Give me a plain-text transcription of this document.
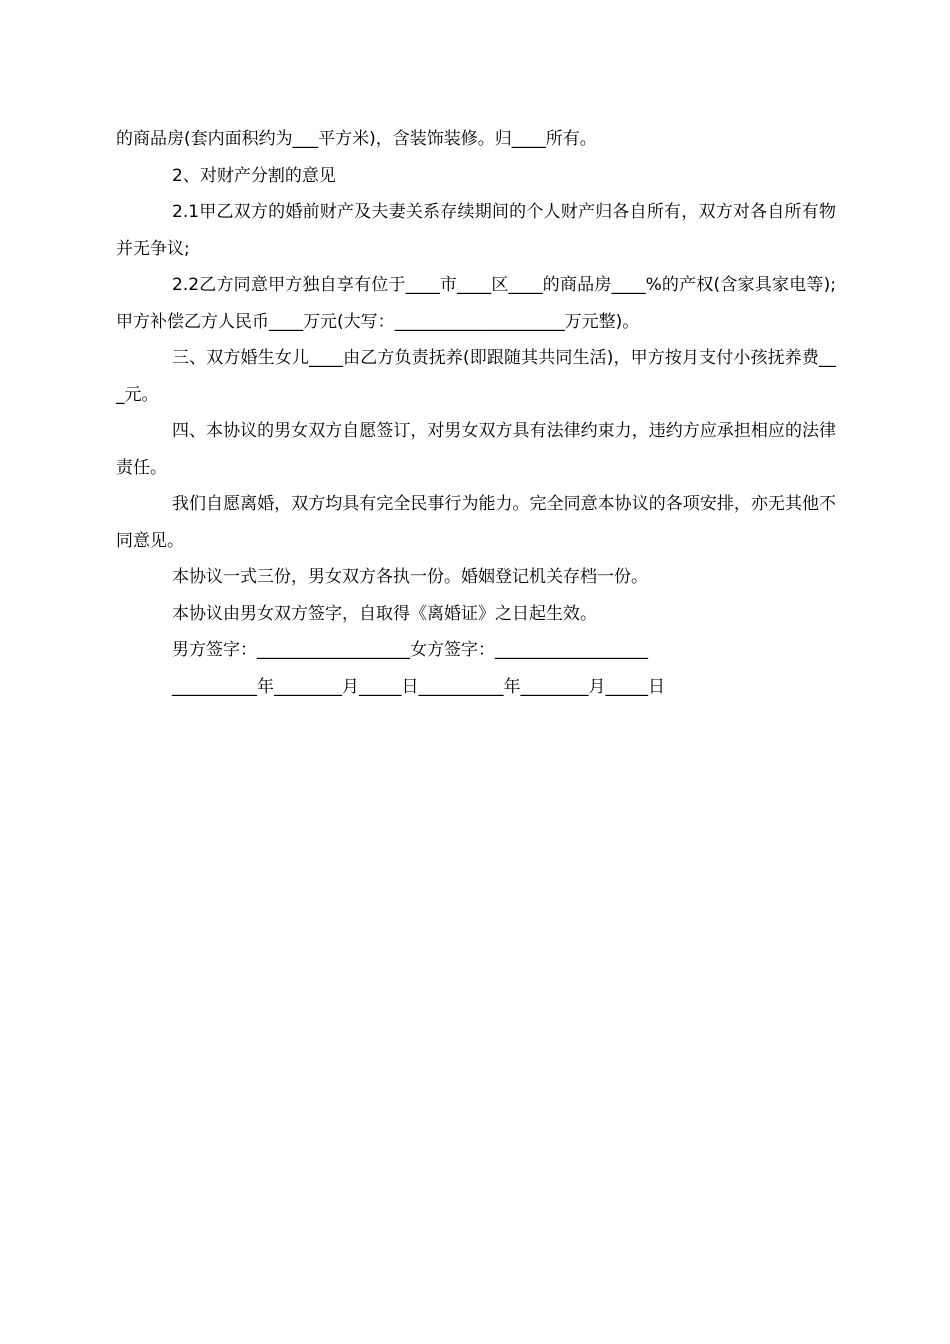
的商品房(套内面积约为___平方米)，含装饰装修。归____所有。

2、对财产分割的意见

2.1甲乙双方的婚前财产及夫妻关系存续期间的个人财产归各自所有，双方对各自所有物并无争议;

2.2乙方同意甲方独自享有位于____市____区____的商品房____%的产权(含家具家电等);甲方补偿乙方人民币____万元(大写：____________________万元整)。

三、双方婚生女儿____由乙方负责抚养(即跟随其共同生活)，甲方按月支付小孩抚养费___元。

四、本协议的男女双方自愿签订，对男女双方具有法律约束力，违约方应承担相应的法律责任。

我们自愿离婚，双方均具有完全民事行为能力。完全同意本协议的各项安排，亦无其他不同意见。

本协议一式三份，男女双方各执一份。婚姻登记机关存档一份。

本协议由男女双方签字，自取得《离婚证》之日起生效。

男方签字：__________________女方签字：__________________

__________年________月_____日__________年________月_____日
